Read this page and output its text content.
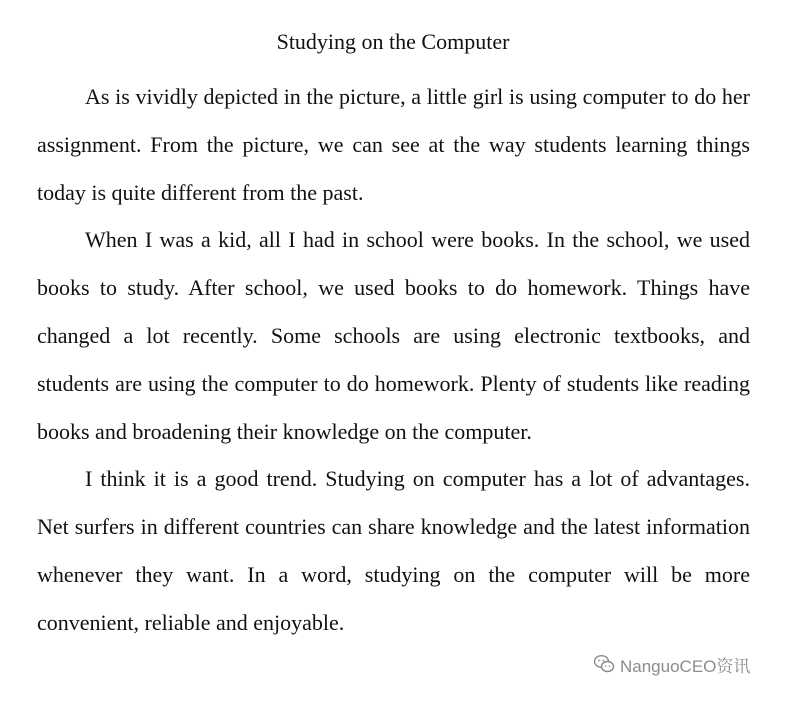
Studying on the Computer

As is vividly depicted in the picture, a little girl is using computer to do her assignment. From the picture, we can see at the way students learning things today is quite different from the past.

When I was a kid, all I had in school were books. In the school, we used books to study. After school, we used books to do homework. Things have changed a lot recently. Some schools are using electronic textbooks, and students are using the computer to do homework. Plenty of students like reading books and broadening their knowledge on the computer.

I think it is a good trend. Studying on computer has a lot of advantages. Net surfers in different countries can share knowledge and the latest information whenever they want. In a word, studying on the computer will be more convenient, reliable and enjoyable.

NanguoCEO资讯
